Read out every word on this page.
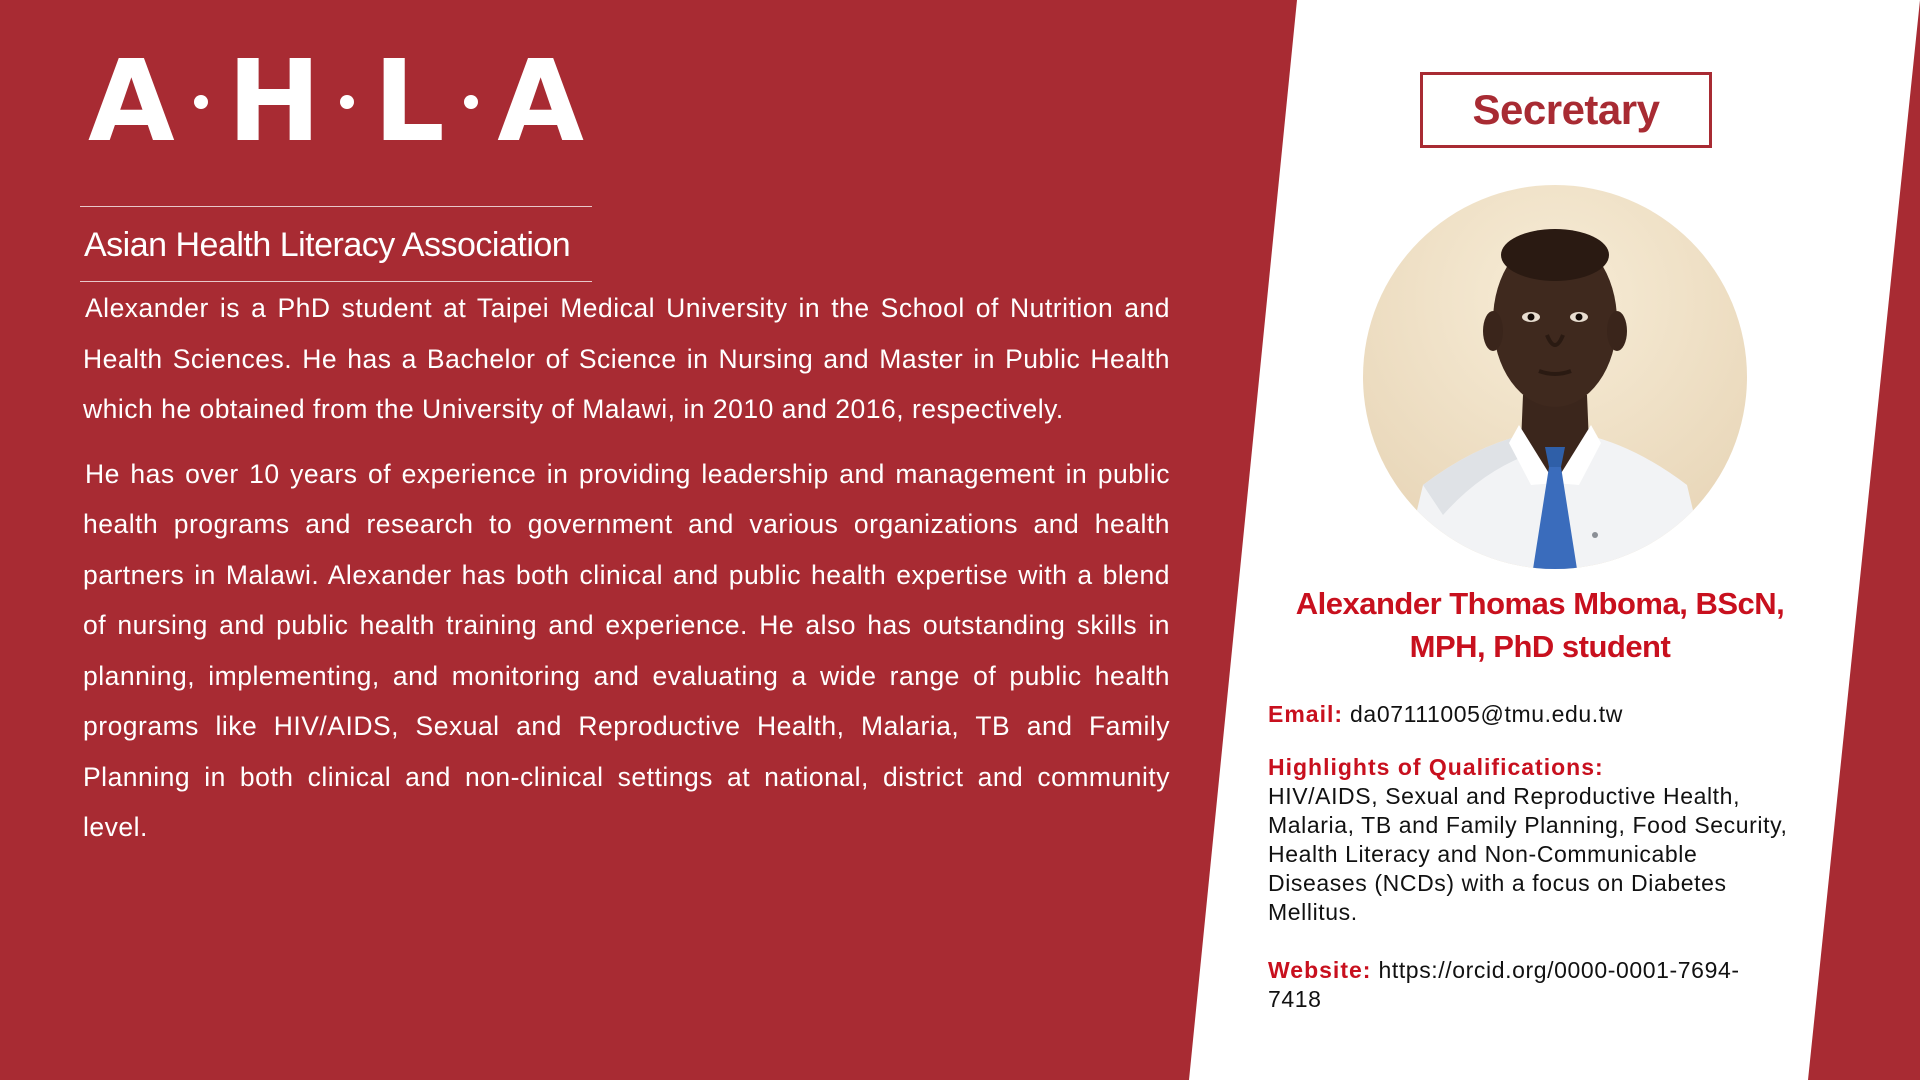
A H L A
Asian Health Literacy Association

Alexander is a PhD student at Taipei Medical University in the School of Nutrition and Health Sciences. He has a Bachelor of Science in Nursing and Master in Public Health which he obtained from the University of Malawi, in 2010 and 2016, respectively.

He has over 10 years of experience in providing leadership and management in public health programs and research to government and various organizations and health partners in Malawi. Alexander has both clinical and public health expertise with a blend of nursing and public health training and experience. He also has outstanding skills in planning, implementing, and monitoring and evaluating a wide range of public health programs like HIV/AIDS, Sexual and Reproductive Health, Malaria, TB and Family Planning in both clinical and non-clinical settings at national, district and community level.

Secretary
Alexander Thomas Mboma, BScN,
MPH, PhD student
Email: da07111005@tmu.edu.tw
Highlights of Qualifications:
HIV/AIDS, Sexual and Reproductive Health, Malaria, TB and Family Planning, Food Security, Health Literacy and Non-Communicable Diseases (NCDs) with a focus on Diabetes Mellitus.
Website: https://orcid.org/0000-0001-7694-7418
